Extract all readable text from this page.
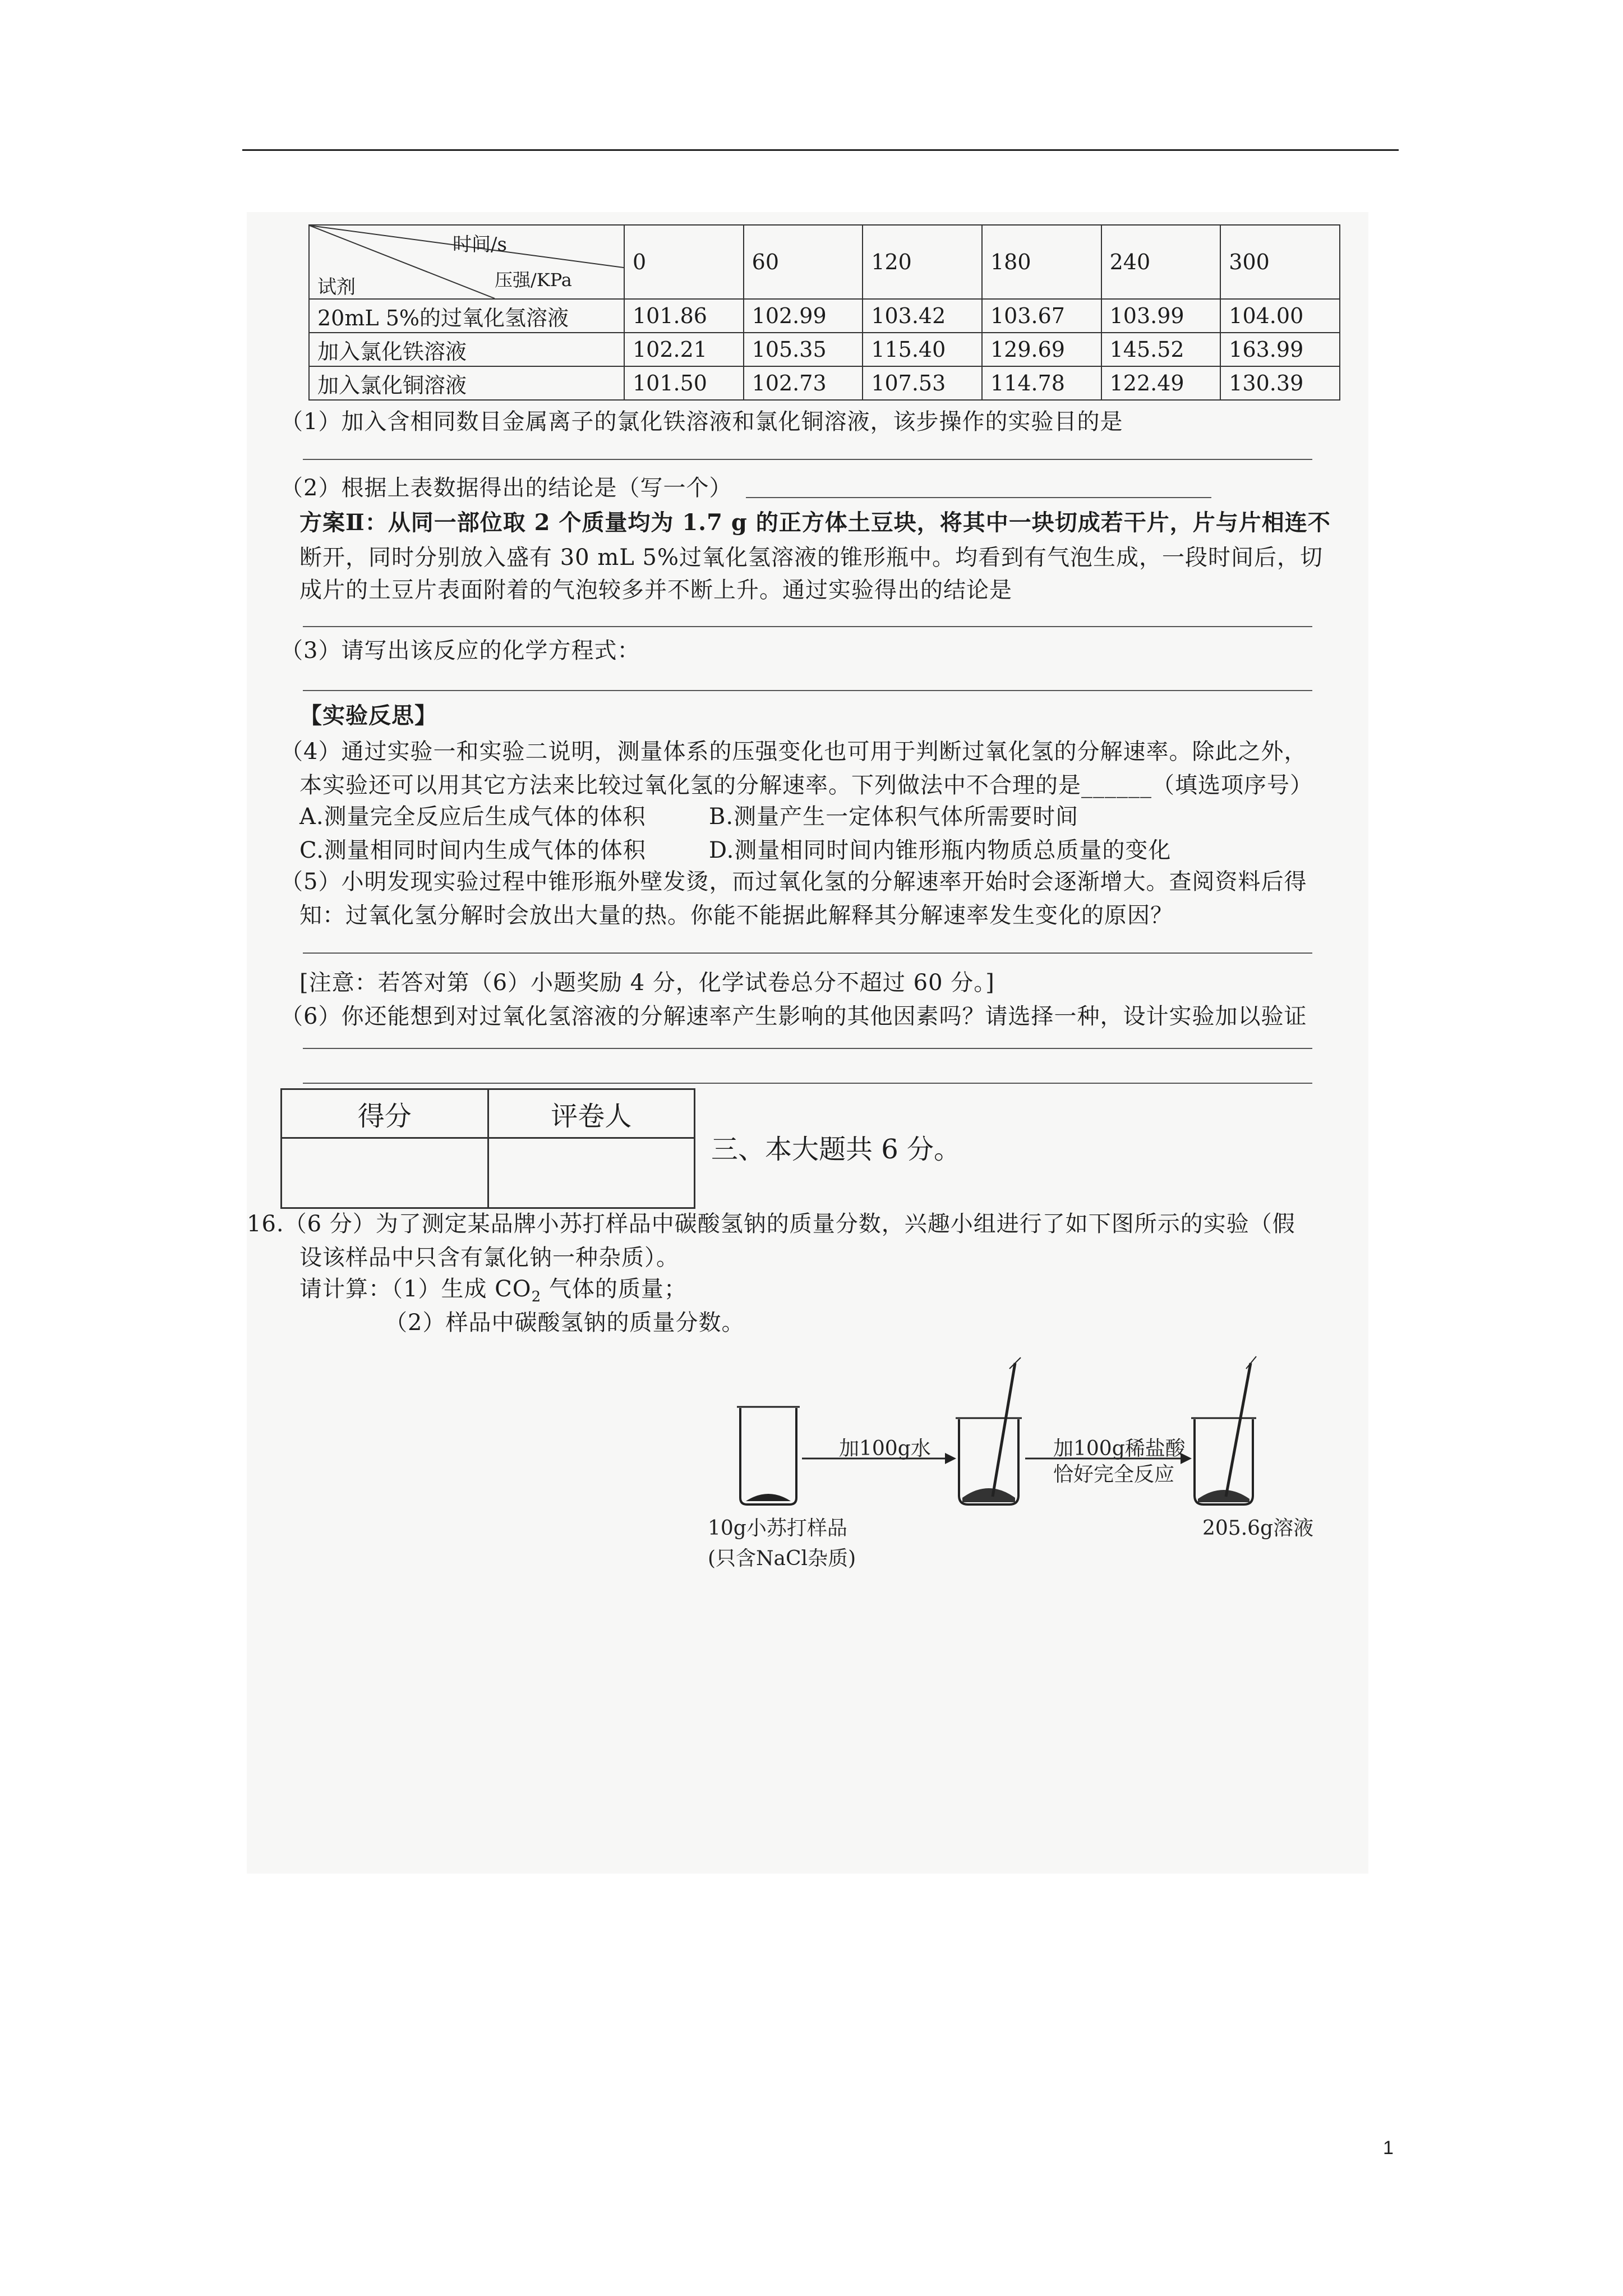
时间/s
压强/KPa
试剂	0	60	120	180	240	300
20mL 5%的过氧化氢溶液	101.86	102.99	103.42	103.67	103.99	104.00
加入氯化铁溶液	102.21	105.35	115.40	129.69	145.52	163.99
加入氯化铜溶液	101.50	102.73	107.53	114.78	122.49	130.39
（1）加入含相同数目金属离子的氯化铁溶液和氯化铜溶液，该步操作的实验目的是
（2）根据上表数据得出的结论是（写一个）
方案Ⅱ：从同一部位取 2 个质量均为 1.7 g 的正方体土豆块，将其中一块切成若干片，片与片相连不
断开，同时分别放入盛有 30 mL 5%过氧化氢溶液的锥形瓶中。均看到有气泡生成，一段时间后，切
成片的土豆片表面附着的气泡较多并不断上升。通过实验得出的结论是
（3）请写出该反应的化学方程式：
【实验反思】
（4）通过实验一和实验二说明，测量体系的压强变化也可用于判断过氧化氢的分解速率。除此之外，
本实验还可以用其它方法来比较过氧化氢的分解速率。下列做法中不合理的是______（填选项序号）
A.测量完全反应后生成气体的体积	B.测量产生一定体积气体所需要时间
C.测量相同时间内生成气体的体积	D.测量相同时间内锥形瓶内物质总质量的变化
（5）小明发现实验过程中锥形瓶外壁发烫，而过氧化氢的分解速率开始时会逐渐增大。查阅资料后得
知：过氧化氢分解时会放出大量的热。你能不能据此解释其分解速率发生变化的原因？
[注意：若答对第（6）小题奖励 4 分，化学试卷总分不超过 60 分。]
（6）你还能想到对过氧化氢溶液的分解速率产生影响的其他因素吗？请选择一种，设计实验加以验证
得分	评卷人

三、本大题共 6 分。
16.（6 分）为了测定某品牌小苏打样品中碳酸氢钠的质量分数，兴趣小组进行了如下图所示的实验（假
设该样品中只含有氯化钠一种杂质）。
请计算：（1）生成 $CO_2$ 气体的质量；
（2）样品中碳酸氢钠的质量分数。
加100g水	加100g稀盐酸
恰好完全反应
10g小苏打样品
(只含NaCl杂质)
205.6g溶液
1
